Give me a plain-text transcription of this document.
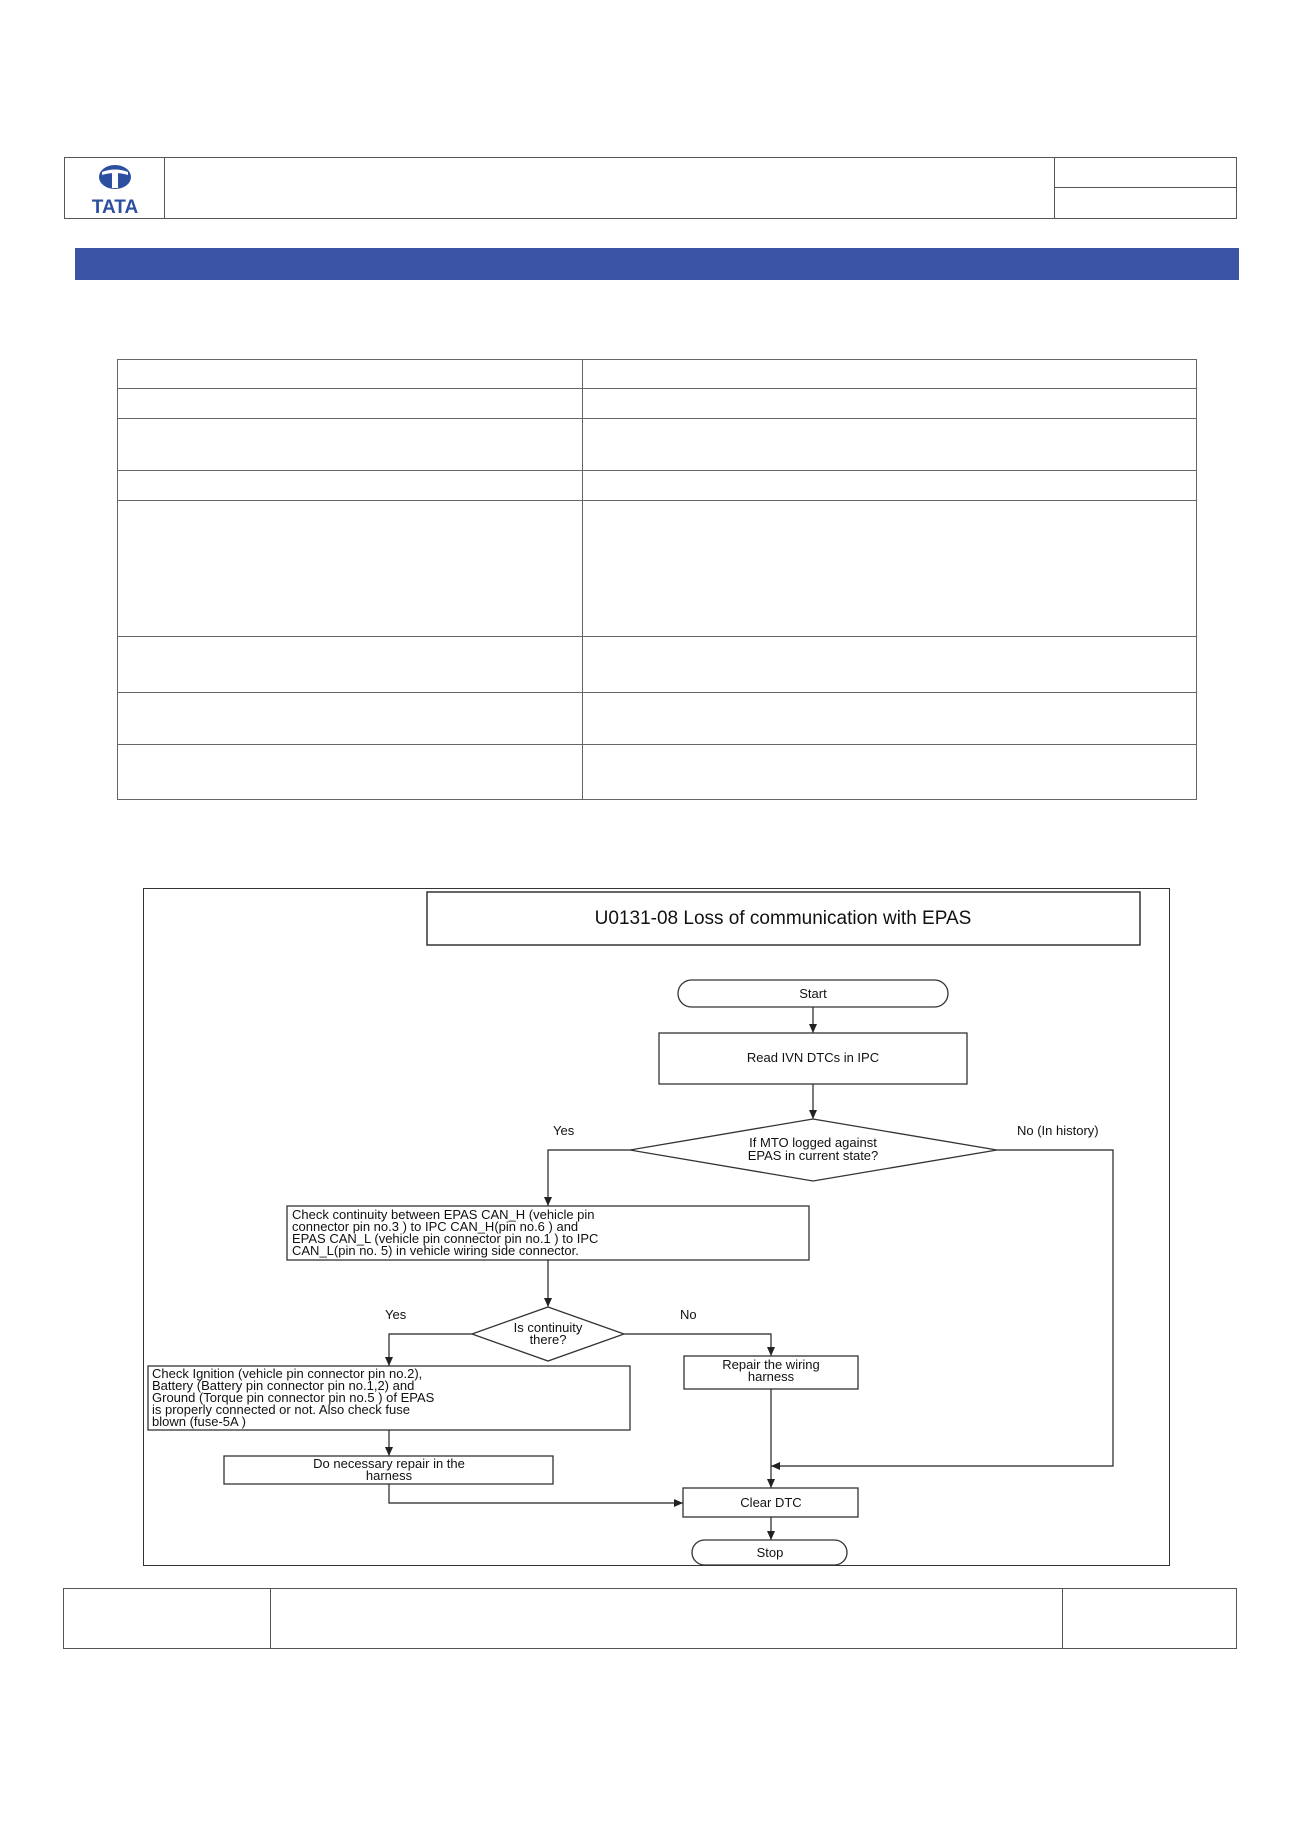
TATA

U0131-08 Loss of communication with EPAS
Start
Read IVN DTCs in IPC
If MTO logged against
EPAS in current state?
Yes	No (In history)
Check continuity between EPAS CAN_H (vehicle pin
connector pin no.3 ) to IPC CAN_H(pin no.6 ) and
EPAS CAN_L (vehicle pin connector pin no.1 ) to IPC
CAN_L(pin no. 5) in vehicle wiring side connector.
Is continuity
there?
Yes	No
Check Ignition (vehicle pin connector pin no.2),
Battery (Battery pin connector pin no.1,2) and
Ground (Torque pin connector pin no.5 ) of EPAS
is properly connected or not. Also check fuse
blown (fuse-5A )
Repair the wiring
harness
Do necessary repair in the
harness
Clear DTC
Stop
